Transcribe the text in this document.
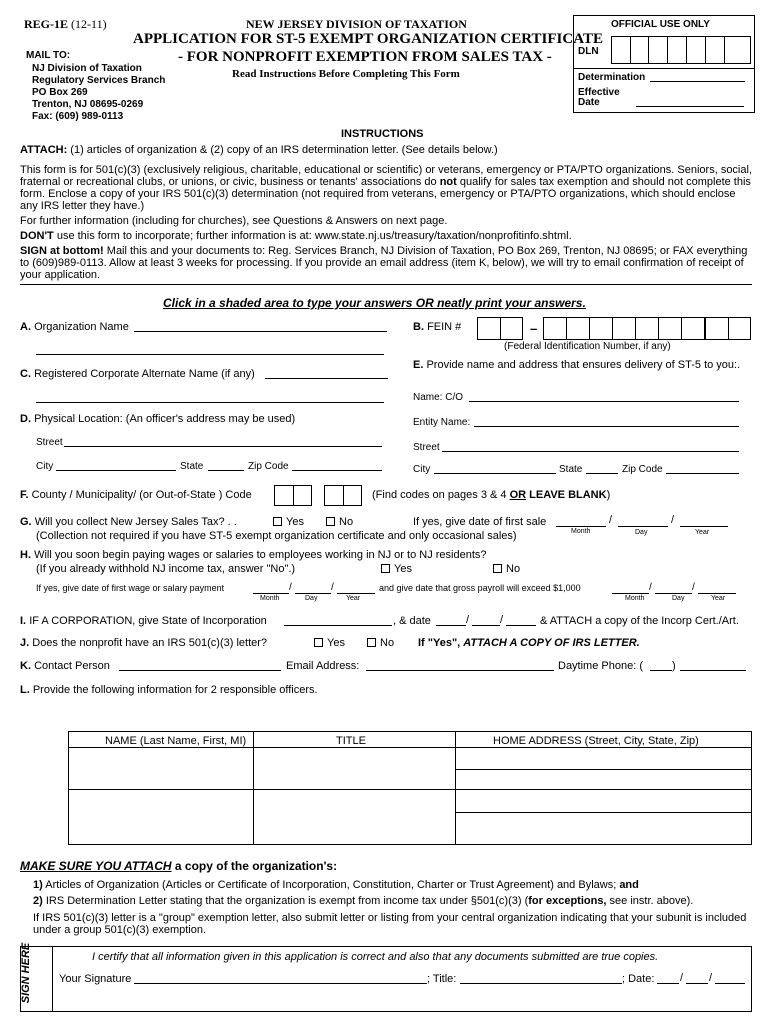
REG-1E (12-11)	NEW JERSEY DIVISION OF TAXATION
APPLICATION FOR ST-5 EXEMPT ORGANIZATION CERTIFICATE
- FOR NONPROFIT EXEMPTION FROM SALES TAX -
Read Instructions Before Completing This Form
MAIL TO:
NJ Division of Taxation
Regulatory Services Branch
PO Box 269
Trenton, NJ 08695-0269
Fax: (609) 989-0113
OFFICIAL USE ONLY
DLN
Determination
Effective
Date
INSTRUCTIONS
ATTACH: (1) articles of organization & (2) copy of an IRS determination letter. (See details below.)
This form is for 501(c)(3) (exclusively religious, charitable, educational or scientific) or veterans, emergency or PTA/PTO organizations. Seniors, social, fraternal or recreational clubs, or unions, or civic, business or tenants' associations do not qualify for sales tax exemption and should not complete this form. Enclose a copy of your IRS 501(c)(3) determination (not required from veterans, emergency or PTA/PTO organizations, which should enclose any IRS letter they have.)
For further information (including for churches), see Questions & Answers on next page.
DON'T use this form to incorporate; further information is at: www.state.nj.us/treasury/taxation/nonprofitinfo.shtml.
SIGN at bottom! Mail this and your documents to: Reg. Services Branch, NJ Division of Taxation, PO Box 269, Trenton, NJ 08695; or FAX everything to (609)989-0113. Allow at least 3 weeks for processing. If you provide an email address (item K, below), we will try to email confirmation of receipt of your application.
Click in a shaded area to type your answers OR neatly print your answers.
A. Organization Name
C. Registered Corporate Alternate Name (if any)
D. Physical Location: (An officer's address may be used)
Street
City	State	Zip Code
B. FEIN #	–
(Federal Identification Number, if any)
E. Provide name and address that ensures delivery of ST-5 to you:.
Name: C/O
Entity Name:
Street
City	State	Zip Code
F. County / Municipality/ (or Out-of-State ) Code	(Find codes on pages 3 & 4 OR LEAVE BLANK)
G. Will you collect New Jersey Sales Tax? . .	Yes	No	If yes, give date of first sale	/	/
Month	Day	Year
(Collection not required if you have ST-5 exempt organization certificate and only occasional sales)
H. Will you soon begin paying wages or salaries to employees working in NJ or to NJ residents?
(If you already withhold NJ income tax, answer "No".)	Yes	No
If yes, give date of first wage or salary payment	/	/
Month	Day	Year
and give date that gross payroll will exceed $1,000	/	/
Month	Day	Year
I. IF A CORPORATION, give State of Incorporation	, & date	/	/	& ATTACH a copy of the Incorp Cert./Art.
J. Does the nonprofit have an IRS 501(c)(3) letter?	Yes	No If "Yes", ATTACH A COPY OF IRS LETTER.
K. Contact Person	Email Address:	Daytime Phone: (	)
L. Provide the following information for 2 responsible officers.
NAME (Last Name, First, MI)	TITLE	HOME ADDRESS (Street, City, State, Zip)
MAKE SURE YOU ATTACH a copy of the organization's:
1) Articles of Organization (Articles or Certificate of Incorporation, Constitution, Charter or Trust Agreement) and Bylaws; and
2) IRS Determination Letter stating that the organization is exempt from income tax under §501(c)(3) (for exceptions, see instr. above).
If IRS 501(c)(3) letter is a "group" exemption letter, also submit letter or listing from your central organization indicating that your subunit is included under a group 501(c)(3) exemption.
SIGN HERE	I certify that all information given in this application is correct and also that any documents submitted are true copies.
Your Signature	; Title:	; Date: / /
